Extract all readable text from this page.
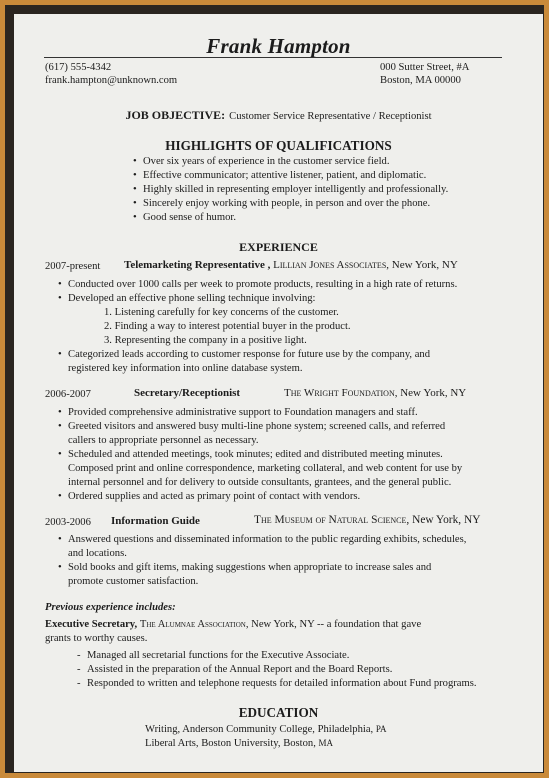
Frank Hampton
(617) 555-4342
frank.hampton@unknown.com
000 Sutter Street, #A
Boston, MA 00000
JOB OBJECTIVE: Customer Service Representative / Receptionist
HIGHLIGHTS OF QUALIFICATIONS
• Over six years of experience in the customer service field.
• Effective communicator; attentive listener, patient, and diplomatic.
• Highly skilled in representing employer intelligently and professionally.
• Sincerely enjoy working with people, in person and over the phone.
• Good sense of humor.
EXPERIENCE
2007-present Telemarketing Representative , Lillian Jones Associates, New York, NY
• Conducted over 1000 calls per week to promote products, resulting in a high rate of returns.
• Developed an effective phone selling technique involving:
1. Listening carefully for key concerns of the customer.
2. Finding a way to interest potential buyer in the product.
3. Representing the company in a positive light.
• Categorized leads according to customer response for future use by the company, and
registered key information into online database system.
2006-2007	Secretary/Receptionist	The Wright Foundation, New York, NY
• Provided comprehensive administrative support to Foundation managers and staff.
• Greeted visitors and answered busy multi-line phone system; screened calls, and referred
callers to appropriate personnel as necessary.
• Scheduled and attended meetings, took minutes; edited and distributed meeting minutes.
Composed print and online correspondence, marketing collateral, and web content for use by
internal personnel and for delivery to outside consultants, grantees, and the general public.
• Ordered supplies and acted as primary point of contact with vendors.
2003-2006 Information Guide	The Museum of Natural Science, New York, NY
• Answered questions and disseminated information to the public regarding exhibits, schedules,
and locations.
• Sold books and gift items, making suggestions when appropriate to increase sales and
promote customer satisfaction.
Previous experience includes:
Executive Secretary, The Alumnae Association, New York, NY -- a foundation that gave
grants to worthy causes.
- Managed all secretarial functions for the Executive Associate.
- Assisted in the preparation of the Annual Report and the Board Reports.
- Responded to written and telephone requests for detailed information about Fund programs.
EDUCATION
Writing, Anderson Community College, Philadelphia, PA
Liberal Arts, Boston University, Boston, MA
